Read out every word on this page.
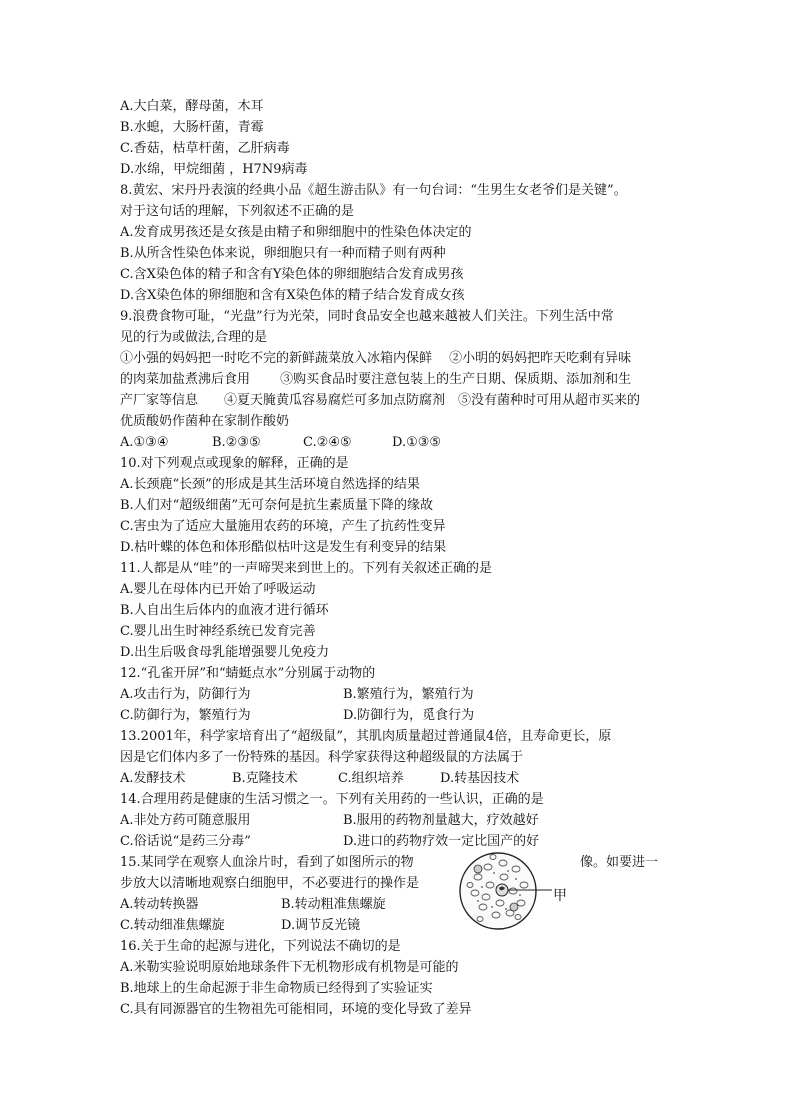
A.大白菜，酵母菌，木耳
B.水螅，大肠杆菌，青霉
C.香菇，枯草杆菌，乙肝病毒
D.水绵，甲烷细菌 ，H7N9病毒
8.黄宏、宋丹丹表演的经典小品《超生游击队》有一句台词：“生男生女老爷们是关键”。
对于这句话的理解，下列叙述不正确的是
A.发育成男孩还是女孩是由精子和卵细胞中的性染色体决定的
B.从所含性染色体来说，卵细胞只有一种而精子则有两种
C.含X染色体的精子和含有Y染色体的卵细胞结合发育成男孩
D.含X染色体的卵细胞和含有X染色体的精子结合发育成女孩
9.浪费食物可耻，“光盘”行为光荣，同时食品安全也越来越被人们关注。下列生活中常
见的行为或做法,合理的是
①小强的妈妈把一时吃不完的新鲜蔬菜放入冰箱内保鲜　 ②小明的妈妈把昨天吃剩有异味
的肉菜加盐煮沸后食用　　 ③购买食品时要注意包装上的生产日期、保质期、添加剂和生
产厂家等信息　　④夏天腌黄瓜容易腐烂可多加点防腐剂　⑤没有菌种时可用从超市买来的
优质酸奶作菌种在家制作酸奶
A.①③④	B.②③⑤	C.②④⑤	D.①③⑤
10.对下列观点或现象的解释，正确的是
A.长颈鹿“长颈”的形成是其生活环境自然选择的结果
B.人们对“超级细菌”无可奈何是抗生素质量下降的缘故
C.害虫为了适应大量施用农药的环境，产生了抗药性变异
D.枯叶蝶的体色和体形酷似枯叶这是发生有利变异的结果
11.人都是从“哇”的一声啼哭来到世上的。下列有关叙述正确的是
A.婴儿在母体内已开始了呼吸运动
B.人自出生后体内的血液才进行循环
C.婴儿出生时神经系统已发育完善
D.出生后吸食母乳能增强婴儿免疫力
12.“孔雀开屏”和“蜻蜓点水”分别属于动物的
A.攻击行为，防御行为	B.繁殖行为，繁殖行为
C.防御行为，繁殖行为	D.防御行为，觅食行为
13.2001年，科学家培育出了“超级鼠”，其肌肉质量超过普通鼠4倍，且寿命更长，原
因是它们体内多了一份特殊的基因。科学家获得这种超级鼠的方法属于
A.发酵技术	B.克隆技术	C.组织培养	D.转基因技术
14.合理用药是健康的生活习惯之一。下列有关用药的一些认识，正确的是
A.非处方药可随意服用	B.服用的药物剂量越大，疗效越好
C.俗话说“是药三分毒”	D.进口的药物疗效一定比国产的好
15.某同学在观察人血涂片时，看到了如图所示的物	像。如要进一
步放大以清晰地观察白细胞甲，不必要进行的操作是
A.转动转换器	B.转动粗准焦螺旋
C.转动细准焦螺旋	D.调节反光镜
甲
16.关于生命的起源与进化，下列说法不确切的是
A.米勒实验说明原始地球条件下无机物形成有机物是可能的
B.地球上的生命起源于非生命物质已经得到了实验证实
C.具有同源器官的生物祖先可能相同，环境的变化导致了差异
